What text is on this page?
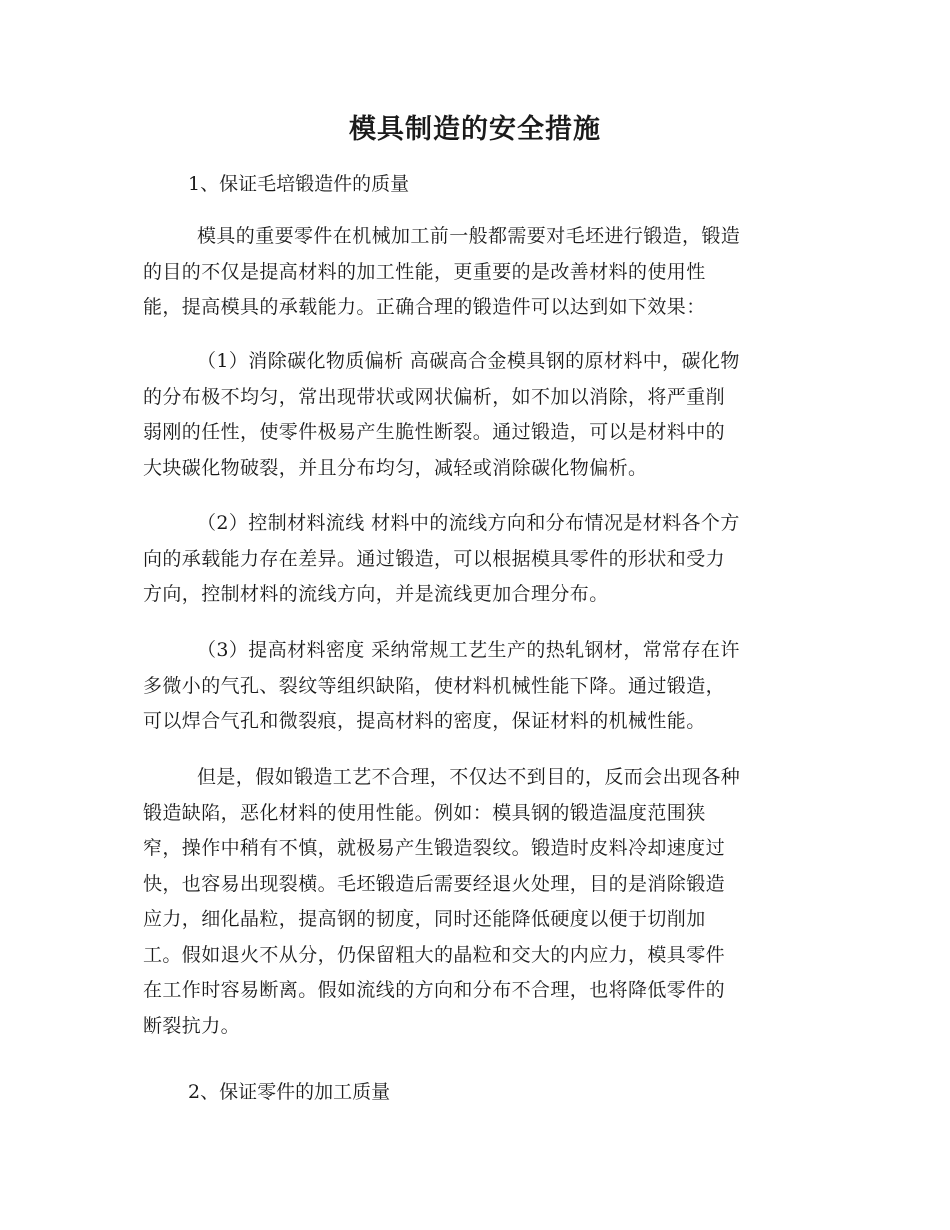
模具制造的安全措施

1、保证毛培锻造件的质量

模具的重要零件在机械加工前一般都需要对毛坯进行锻造，锻造
的目的不仅是提高材料的加工性能，更重要的是改善材料的使用性
能，提高模具的承载能力。正确合理的锻造件可以达到如下效果：
（1）消除碳化物质偏析 高碳高合金模具钢的原材料中，碳化物
的分布极不均匀，常出现带状或网状偏析，如不加以消除，将严重削
弱刚的任性，使零件极易产生脆性断裂。通过锻造，可以是材料中的
大块碳化物破裂，并且分布均匀，减轻或消除碳化物偏析。
（2）控制材料流线 材料中的流线方向和分布情况是材料各个方
向的承载能力存在差异。通过锻造，可以根据模具零件的形状和受力
方向，控制材料的流线方向，并是流线更加合理分布。
（3）提高材料密度 采纳常规工艺生产的热轧钢材，常常存在许
多微小的气孔、裂纹等组织缺陷，使材料机械性能下降。通过锻造，
可以焊合气孔和微裂痕，提高材料的密度，保证材料的机械性能。
但是，假如锻造工艺不合理，不仅达不到目的，反而会出现各种
锻造缺陷，恶化材料的使用性能。例如：模具钢的锻造温度范围狭
窄，操作中稍有不慎，就极易产生锻造裂纹。锻造时皮料冷却速度过
快，也容易出现裂横。毛坯锻造后需要经退火处理，目的是消除锻造
应力，细化晶粒，提高钢的韧度，同时还能降低硬度以便于切削加
工。假如退火不从分，仍保留粗大的晶粒和交大的内应力，模具零件
在工作时容易断离。假如流线的方向和分布不合理，也将降低零件的
断裂抗力。

2、保证零件的加工质量
